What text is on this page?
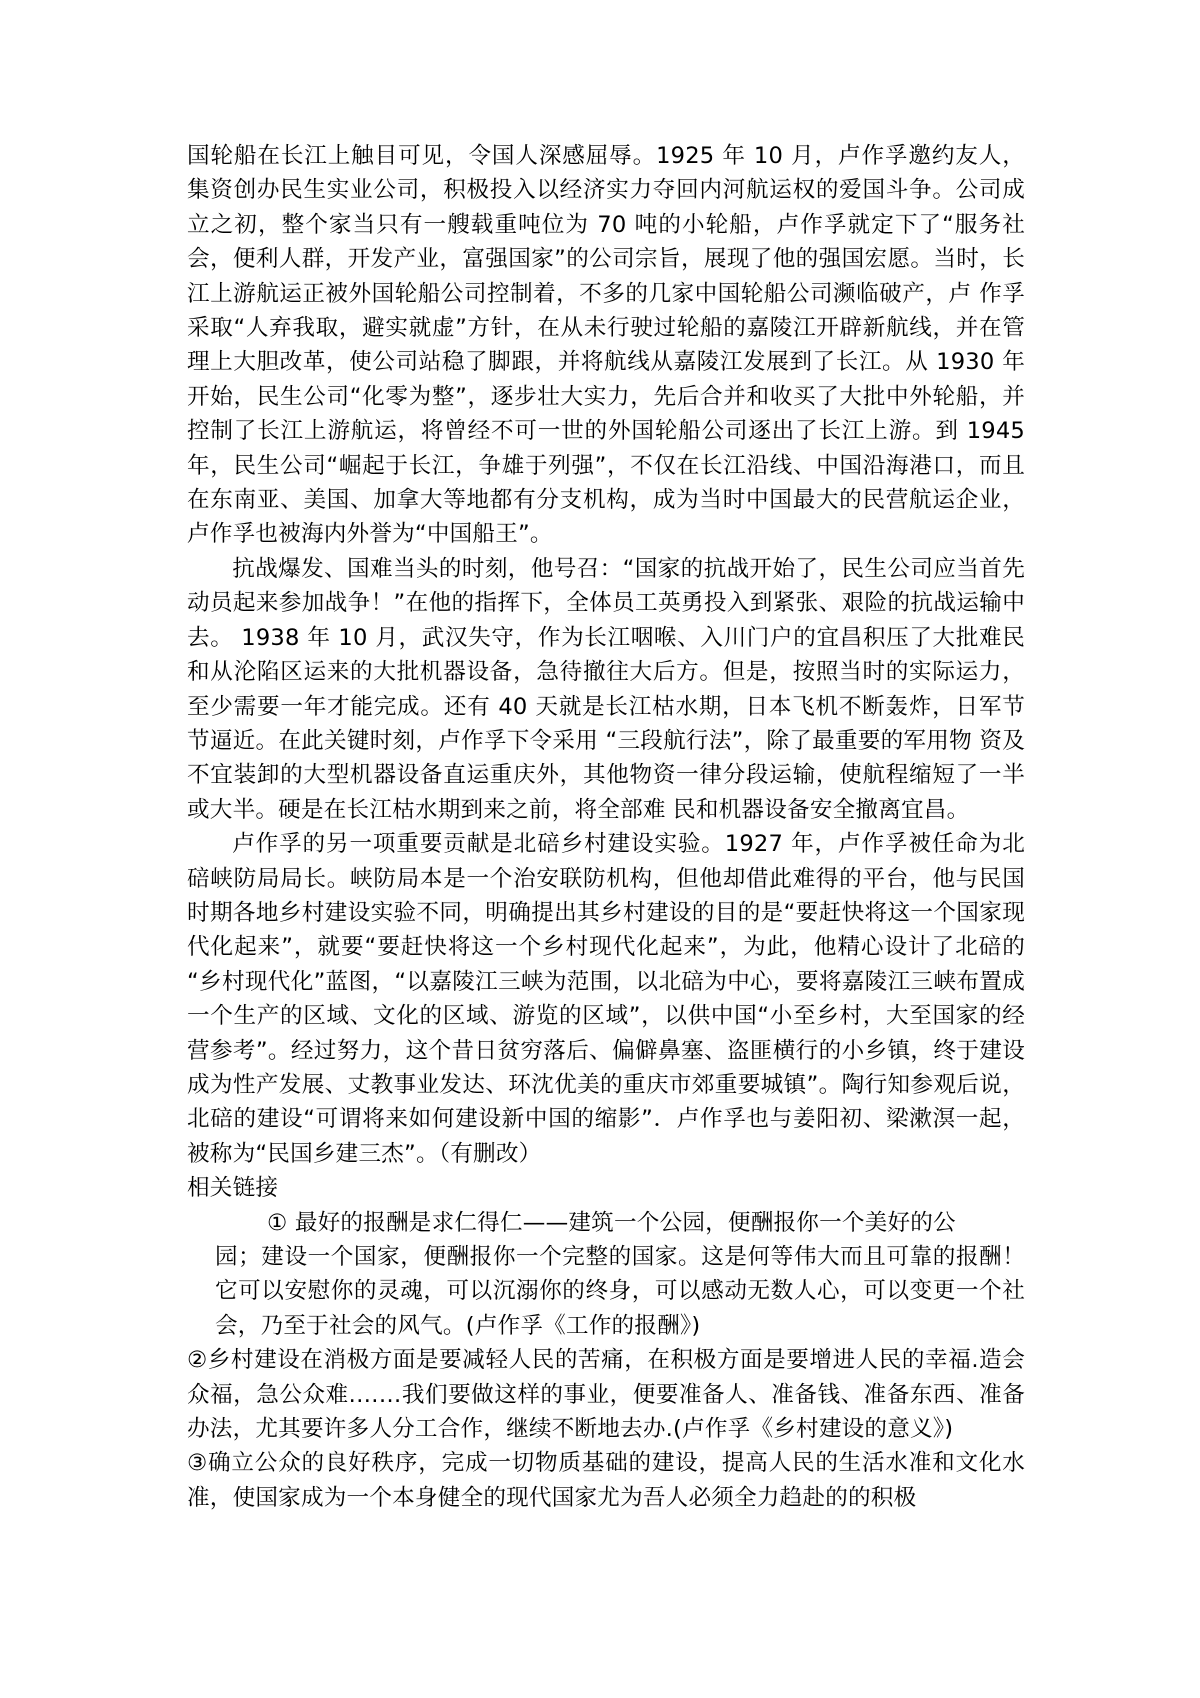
国轮船在长江上触目可见，令国人深感屈辱。1925 年 10 月，卢作孚邀约友人，集资创办民生实业公司，积极投入以经济实力夺回内河航运权的爱国斗争。公司成立之初，整个家当只有一艘载重吨位为 70 吨的小轮船，卢作孚就定下了“服务社 会，便利人群，开发产业，富强国家”的公司宗旨，展现了他的强国宏愿。当时，长江上游航运正被外国轮船公司控制着，不多的几家中国轮船公司濒临破产，卢 作孚采取“人弃我取，避实就虚”方针，在从未行驶过轮船的嘉陵江开辟新航线，并在管理上大胆改革，使公司站稳了脚跟，并将航线从嘉陵江发展到了长江。从 1930 年开始，民生公司“化零为整”，逐步壮大实力，先后合并和收买了大批中外轮船，并控制了长江上游航运，将曾经不可一世的外国轮船公司逐出了长江上游。到 1945 年，民生公司“崛起于长江，争雄于列强”，不仅在长江沿线、中国沿海港口，而且在东南亚、美国、加拿大等地都有分支机构，成为当时中国最大的民营航运企业，卢作孚也被海内外誉为“中国船王”。

抗战爆发、国难当头的时刻，他号召：“国家的抗战开始了，民生公司应当首先动员起来参加战争！”在他的指挥下，全体员工英勇投入到紧张、艰险的抗战运输中去。 1938 年 10 月，武汉失守，作为长江咽喉、入川门户的宜昌积压了大批难民和从沦陷区运来的大批机器设备，急待撤往大后方。但是，按照当时的实际运力，至少需要一年才能完成。还有 40 天就是长江枯水期，日本飞机不断轰炸，日军节节逼近。在此关键时刻，卢作孚下令采用 “三段航行法”，除了最重要的军用物 资及不宜装卸的大型机器设备直运重庆外，其他物资一律分段运输，使航程缩短了一半或大半。硬是在长江枯水期到来之前，将全部难 民和机器设备安全撤离宜昌。

卢作孚的另一项重要贡献是北碚乡村建设实验。1927 年，卢作孚被任命为北碚峡防局局长。峡防局本是一个治安联防机构，但他却借此难得的平台，他与民国时期各地乡村建设实验不同，明确提出其乡村建设的目的是“要赶快将这一个国家现代化起来”，就要“要赶快将这一个乡村现代化起来”，为此，他精心设计了北碚的 “乡村现代化”蓝图，“以嘉陵江三峡为范围，以北碚为中心，要将嘉陵江三峡布置成一个生产的区域、文化的区域、游览的区域”，以供中国“小至乡村，大至国家的经营参考”。经过努力，这个昔日贫穷落后、偏僻鼻塞、盗匪横行的小乡镇，终于建设成为性产发展、丈教事业发达、环沈优美的重庆市郊重要城镇”。陶行知参观后说，北碚的建设“可谓将来如何建设新中国的缩影”．卢作孚也与姜阳初、梁漱溟一起，被称为“民国乡建三杰”。（有删改）

相关链接

① 最好的报酬是求仁得仁——建筑一个公园，便酬报你一个美好的公
园；建设一个国家，便酬报你一个完整的国家。这是何等伟大而且可靠的报酬！它可以安慰你的灵魂，可以沉溺你的终身，可以感动无数人心，可以变更一个社会，乃至于社会的风气。(卢作孚《工作的报酬》)

②乡村建设在消极方面是要减轻人民的苦痛，在积极方面是要增进人民的幸福.造会众福，急公众难.……我们要做这样的事业，便要准备人、准备钱、准备东西、准备办法，尤其要许多人分工合作，继续不断地去办.(卢作孚《乡村建设的意义》)

③确立公众的良好秩序，完成一切物质基础的建设，提高人民的生活水准和文化水准，使国家成为一个本身健全的现代国家尤为吾人必须全力趋赴的的积极
